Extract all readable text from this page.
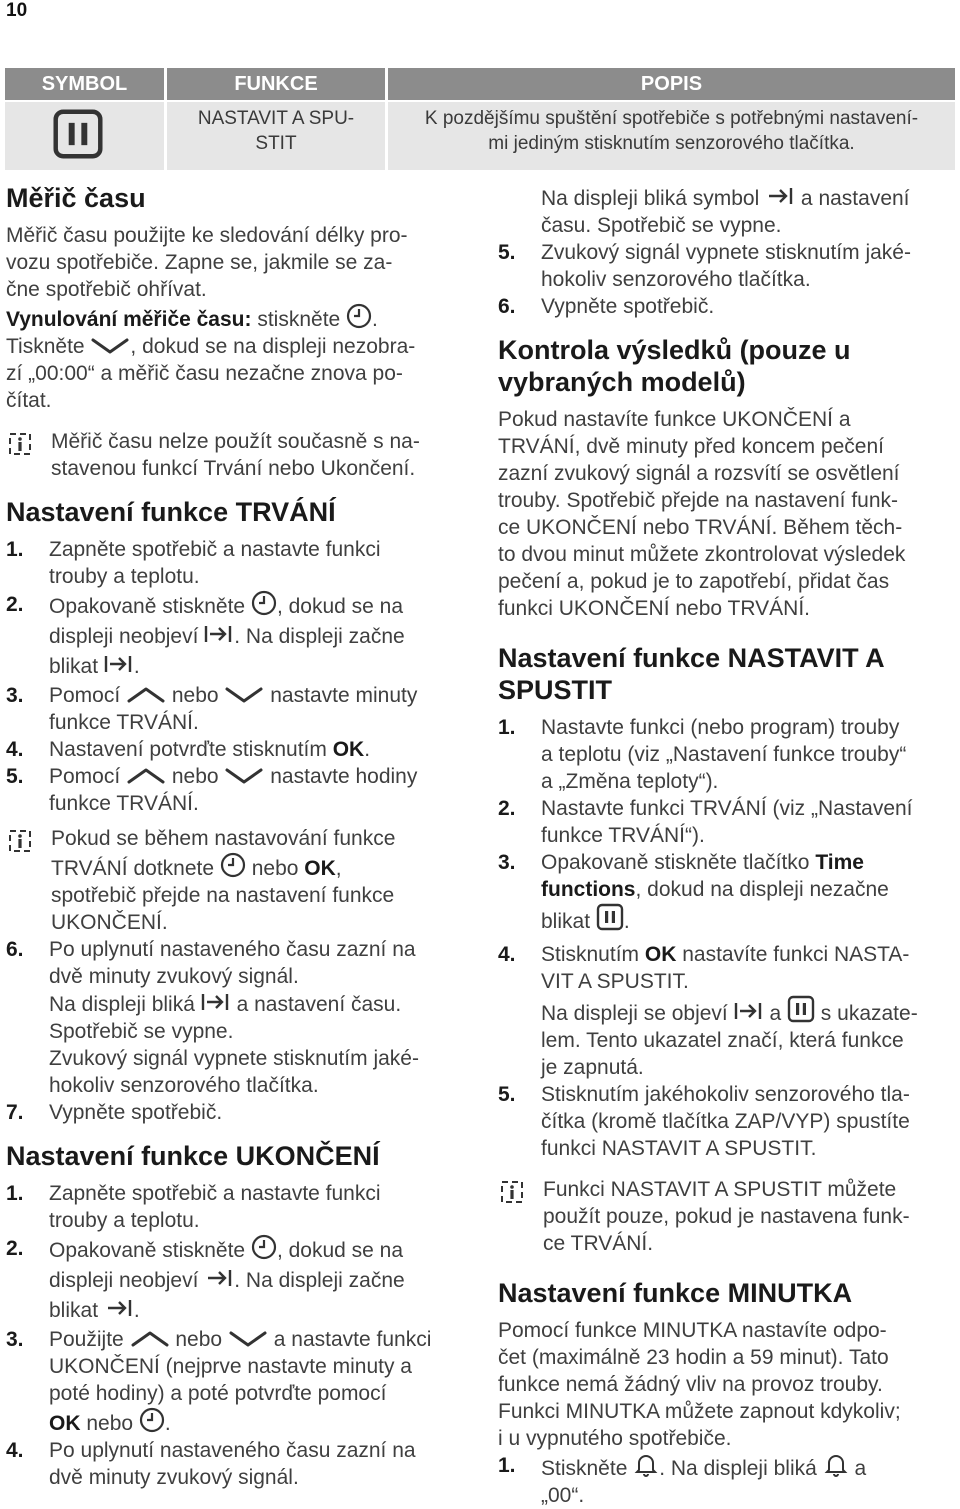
10
SYMBOL	FUNKCE	POPIS
NASTAVIT A SPU-
STIT
K pozdějšímu spuštění spotřebiče s potřebnými nastavení-
mi jediným stisknutím senzorového tlačítka.
Měřič času

Měřič času použijte ke sledování délky pro-

vozu spotřebiče. Zapne se, jakmile se za-

čne spotřebič ohřívat.

Vynulování měřiče času: stiskněte .

Tiskněte , dokud se na displeji nezobra-

zí „00:00“ a měřič času nezačne znova po-

čítat.

Měřič času nelze použít současně s na-

stavenou funkcí Trvání nebo Ukončení.

Nastavení funkce TRVÁNÍ
1. Zapněte spotřebič a nastavte funkci

trouby a teplotu.

2. Opakovaně stiskněte , dokud se na

displeji neobjeví . Na displeji začne

blikat .

3. Pomocí  nebo  nastavte minuty

funkce TRVÁNÍ.

4. Nastavení potvrďte stisknutím OK.

5. Pomocí  nebo  nastavte hodiny

funkce TRVÁNÍ.

Pokud se během nastavování funkce

TRVÁNÍ dotknete  nebo OK,

spotřebič přejde na nastavení funkce

UKONČENÍ.

6. Po uplynutí nastaveného času zazní na

dvě minuty zvukový signál.

Na displeji bliká  a nastavení času.

Spotřebič se vypne.

Zvukový signál vypnete stisknutím jaké-

hokoliv senzorového tlačítka.

7. Vypněte spotřebič.

Nastavení funkce UKONČENÍ
1. Zapněte spotřebič a nastavte funkci

trouby a teplotu.

2. Opakovaně stiskněte , dokud se na

displeji neobjeví . Na displeji začne

blikat .

3. Použijte  nebo  a nastavte funkci

UKONČENÍ (nejprve nastavte minuty a

poté hodiny) a poté potvrďte pomocí

OK nebo .

4. Po uplynutí nastaveného času zazní na

dvě minuty zvukový signál.

Na displeji bliká symbol  a nastavení

času. Spotřebič se vypne.

5. Zvukový signál vypnete stisknutím jaké-

hokoliv senzorového tlačítka.

6. Vypněte spotřebič.

Kontrola výsledků (pouze u
vybraných modelů)

Pokud nastavíte funkce UKONČENÍ a

TRVÁNÍ, dvě minuty před koncem pečení

zazní zvukový signál a rozsvítí se osvětlení

trouby. Spotřebič přejde na nastavení funk-

ce UKONČENÍ nebo TRVÁNÍ. Během těch-

to dvou minut můžete zkontrolovat výsledek

pečení a, pokud je to zapotřebí, přidat čas

funkci UKONČENÍ nebo TRVÁNÍ.

Nastavení funkce NASTAVIT A
SPUSTIT
1. Nastavte funkci (nebo program) trouby

a teplotu (viz „Nastavení funkce trouby“

a „Změna teploty“).

2. Nastavte funkci TRVÁNÍ (viz „Nastavení

funkce TRVÁNÍ“).

3. Opakovaně stiskněte tlačítko Time

functions, dokud na displeji nezačne

blikat .

4. Stisknutím OK nastavíte funkci NASTA-

VIT A SPUSTIT.

Na displeji se objeví  a  s ukazate-

lem. Tento ukazatel značí, která funkce

je zapnutá.

5. Stisknutím jakéhokoliv senzorového tla-

čítka (kromě tlačítka ZAP/VYP) spustíte

funkci NASTAVIT A SPUSTIT.

Funkci NASTAVIT A SPUSTIT můžete

použít pouze, pokud je nastavena funk-

ce TRVÁNÍ.

Nastavení funkce MINUTKA

Pomocí funkce MINUTKA nastavíte odpo-

čet (maximálně 23 hodin a 59 minut). Tato

funkce nemá žádný vliv na provoz trouby.

Funkci MINUTKA můžete zapnout kdykoliv;

i u vypnutého spotřebiče.

1. Stiskněte . Na displeji bliká  a

„00“.
